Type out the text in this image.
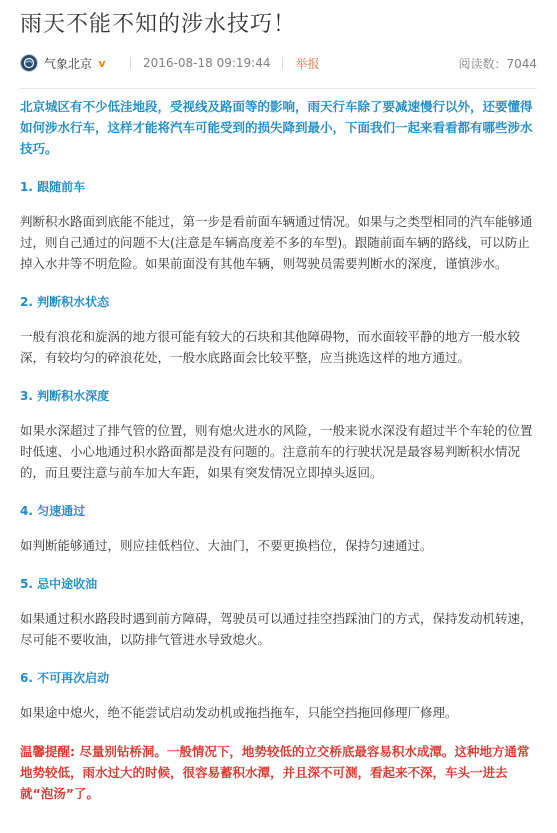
雨天不能不知的涉水技巧！
气象北京 v	2016-08-18 09:19:44 举报	阅读数：7044
北京城区有不少低洼地段，受视线及路面等的影响，雨天行车除了要减速慢行以外，还要懂得如何涉水行车，这样才能将汽车可能受到的损失降到最小，下面我们一起来看看都有哪些涉水技巧。
1. 跟随前车
判断积水路面到底能不能过，第一步是看前面车辆通过情况。如果与之类型相同的汽车能够通过，则自己通过的问题不大(注意是车辆高度差不多的车型)。跟随前面车辆的路线，可以防止掉入水井等不明危险。如果前面没有其他车辆，则驾驶员需要判断水的深度，谨慎涉水。
2. 判断积水状态
一般有浪花和旋涡的地方很可能有较大的石块和其他障碍物，而水面较平静的地方一般水较深，有较均匀的碎浪花处，一般水底路面会比较平整，应当挑选这样的地方通过。
3. 判断积水深度
如果水深超过了排气管的位置，则有熄火进水的风险，一般来说水深没有超过半个车轮的位置时低速、小心地通过积水路面都是没有问题的。注意前车的行驶状况是最容易判断积水情况的，而且要注意与前车加大车距，如果有突发情况立即掉头返回。
4. 匀速通过
如判断能够通过，则应挂低档位、大油门，不要更换档位，保持匀速通过。
5. 忌中途收油
如果通过积水路段时遇到前方障碍，驾驶员可以通过挂空挡踩油门的方式，保持发动机转速，尽可能不要收油，以防排气管进水导致熄火。
6. 不可再次启动
如果途中熄火，绝不能尝试启动发动机或拖挡拖车，只能空挡拖回修理厂修理。
温馨提醒: 尽量别钻桥洞。一般情况下，地势较低的立交桥底最容易积水成潭。这种地方通常地势较低，雨水过大的时候，很容易蓄积水潭，并且深不可测，看起来不深，车头一进去就“泡汤”了。
